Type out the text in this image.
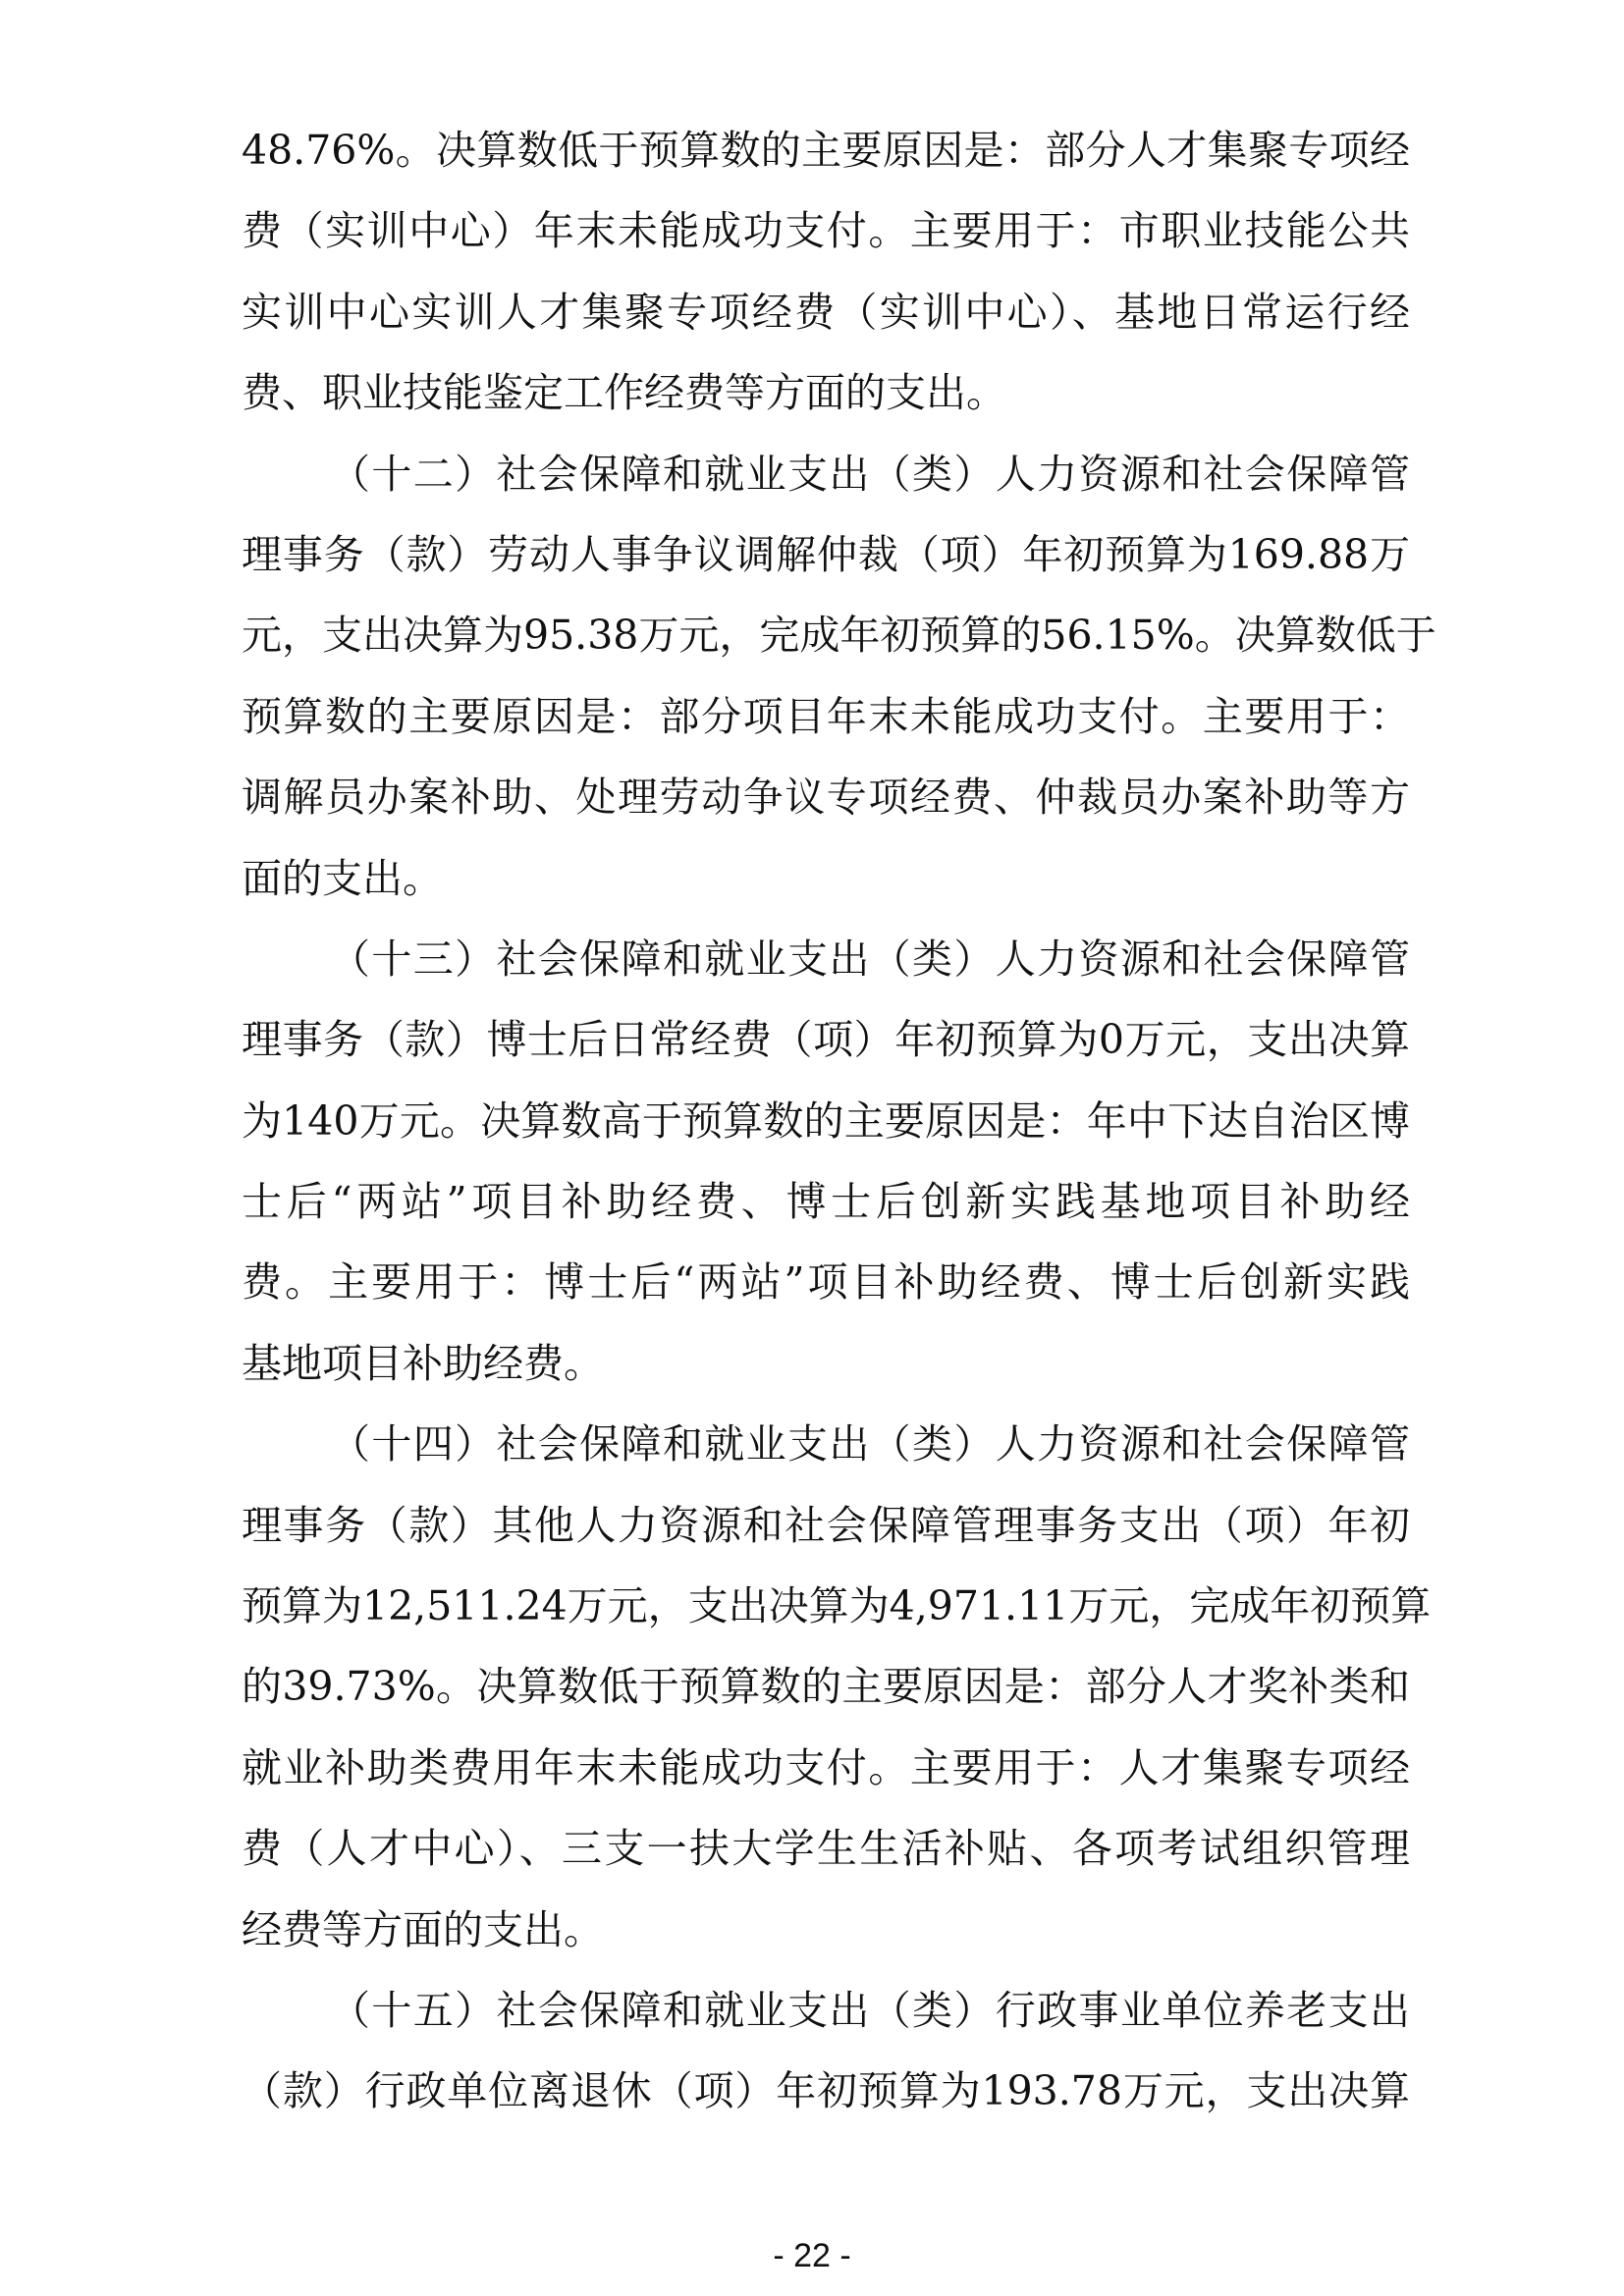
48.76%。决算数低于预算数的主要原因是：部分人才集聚专项经
费（实训中心）年末未能成功支付。主要用于：市职业技能公共
实训中心实训人才集聚专项经费（实训中心）、基地日常运行经
费、职业技能鉴定工作经费等方面的支出。
（十二）社会保障和就业支出（类）人力资源和社会保障管
理事务（款）劳动人事争议调解仲裁（项）年初预算为169.88万
元，支出决算为95.38万元，完成年初预算的56.15%。决算数低于
预算数的主要原因是：部分项目年末未能成功支付。主要用于：
调解员办案补助、处理劳动争议专项经费、仲裁员办案补助等方
面的支出。
（十三）社会保障和就业支出（类）人力资源和社会保障管
理事务（款）博士后日常经费（项）年初预算为0万元，支出决算
为140万元。决算数高于预算数的主要原因是：年中下达自治区博
士后“两站”项目补助经费、博士后创新实践基地项目补助经
费。主要用于：博士后“两站”项目补助经费、博士后创新实践
基地项目补助经费。
（十四）社会保障和就业支出（类）人力资源和社会保障管
理事务（款）其他人力资源和社会保障管理事务支出（项）年初
预算为12,511.24万元，支出决算为4,971.11万元，完成年初预算
的39.73%。决算数低于预算数的主要原因是：部分人才奖补类和
就业补助类费用年末未能成功支付。主要用于：人才集聚专项经
费（人才中心）、三支一扶大学生生活补贴、各项考试组织管理
经费等方面的支出。
（十五）社会保障和就业支出（类）行政事业单位养老支出
（款）行政单位离退休（项）年初预算为193.78万元，支出决算
- 22 -
